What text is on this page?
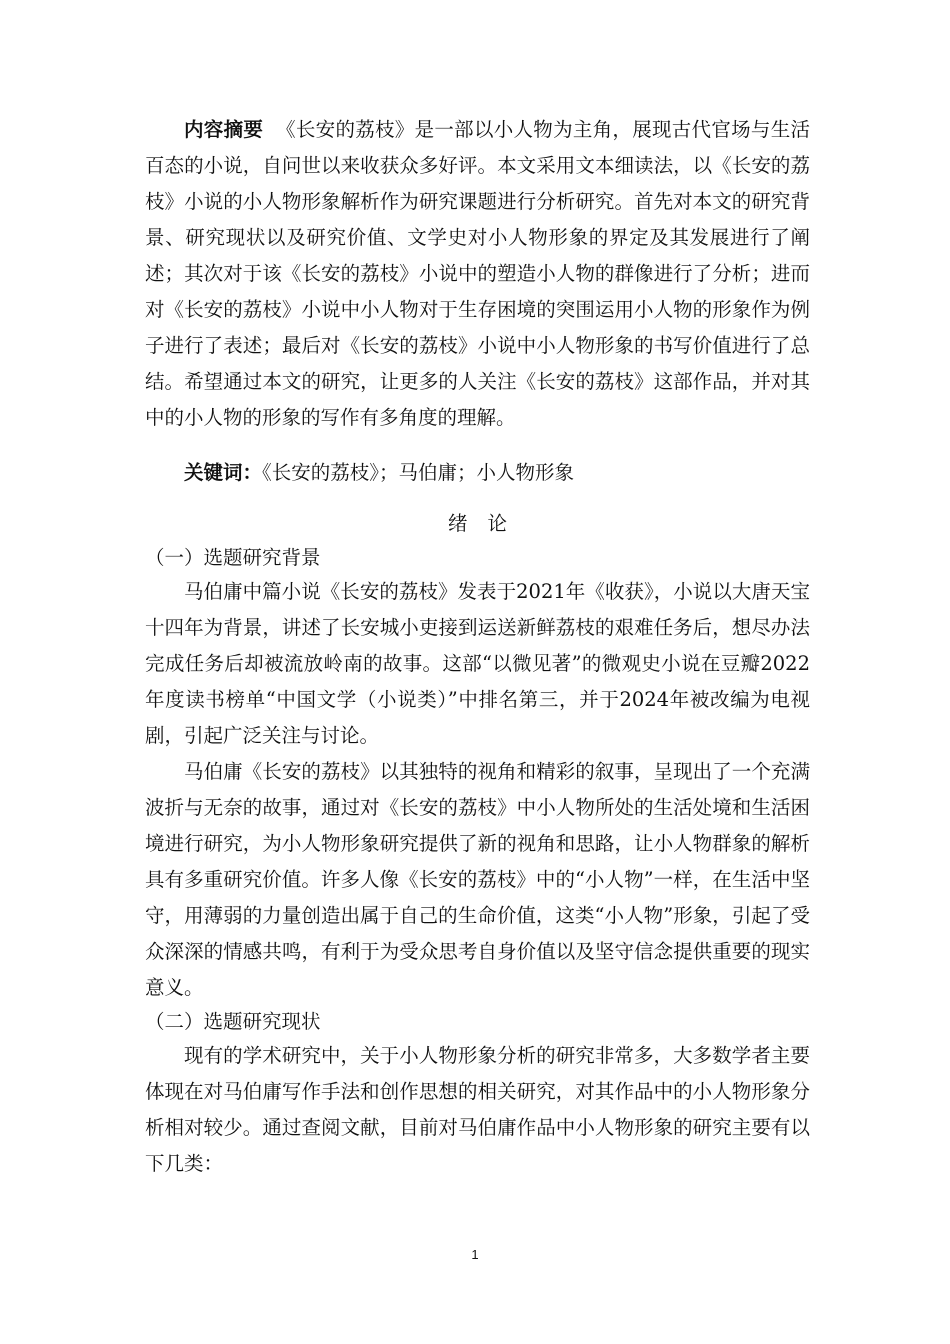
内容摘要 《长安的荔枝》是一部以小人物为主角，展现古代官场与生活百态的小说，自问世以来收获众多好评。本文采用文本细读法，以《长安的荔枝》小说的小人物形象解析作为研究课题进行分析研究。首先对本文的研究背景、研究现状以及研究价值、文学史对小人物形象的界定及其发展进行了阐述；其次对于该《长安的荔枝》小说中的塑造小人物的群像进行了分析；进而对《长安的荔枝》小说中小人物对于生存困境的突围运用小人物的形象作为例子进行了表述；最后对《长安的荔枝》小说中小人物形象的书写价值进行了总结。希望通过本文的研究，让更多的人关注《长安的荔枝》这部作品，并对其中的小人物的形象的写作有多角度的理解。

关键词：《长安的荔枝》；马伯庸；小人物形象

绪论

（一）选题研究背景

马伯庸中篇小说《长安的荔枝》发表于2021年《收获》，小说以大唐天宝十四年为背景，讲述了长安城小吏接到运送新鲜荔枝的艰难任务后，想尽办法完成任务后却被流放岭南的故事。这部“以微见著”的微观史小说在豆瓣2022年度读书榜单“中国文学（小说类）”中排名第三，并于2024年被改编为电视剧，引起广泛关注与讨论。

马伯庸《长安的荔枝》以其独特的视角和精彩的叙事，呈现出了一个充满波折与无奈的故事，通过对《长安的荔枝》中小人物所处的生活处境和生活困境进行研究，为小人物形象研究提供了新的视角和思路，让小人物群象的解析具有多重研究价值。许多人像《长安的荔枝》中的“小人物”一样，在生活中坚守，用薄弱的力量创造出属于自己的生命价值，这类“小人物”形象，引起了受众深深的情感共鸣，有利于为受众思考自身价值以及坚守信念提供重要的现实意义。

（二）选题研究现状

现有的学术研究中，关于小人物形象分析的研究非常多，大多数学者主要体现在对马伯庸写作手法和创作思想的相关研究，对其作品中的小人物形象分析相对较少。通过查阅文献，目前对马伯庸作品中小人物形象的研究主要有以下几类：

1
